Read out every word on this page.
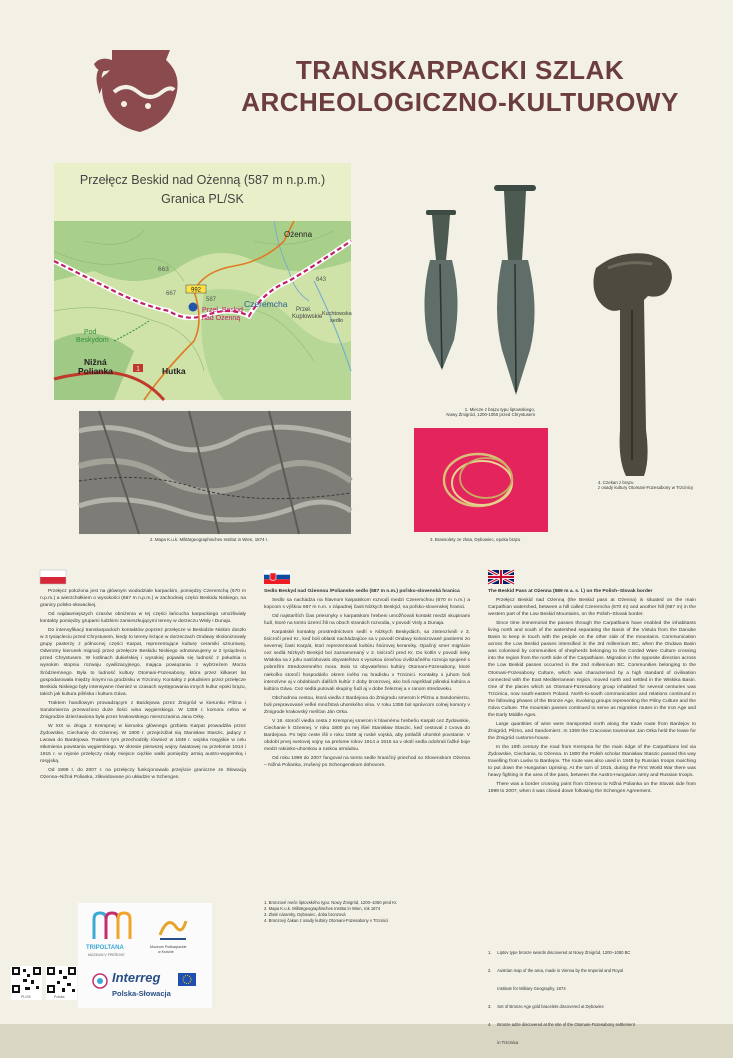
TRANSKARPACKI SZLAK
ARCHEOLOGICZNO-KULTUROWY
Przełęcz Beskid nad Ożenną (587 m n.p.m.)
Granica PL/SK
992
1
Ożenna
Czeremcha
Przeł. Beskid
nad Ożenną
Pod
Beskydom
Nižná
Polianka	Hutka
Przeł.
Kuplowskie Kuchtowska
sedło
663
643
667
587
2. Mapa K.u.k. Militärgeographisches Institut in Wien, 1874 r.
1. Miecze z brązu typu liptowskiego,
Nowy Żmigród, 1200-1050 przed Chrystusem
4. Czekan z brązu
z osady kultury Otomani-Füzesabony w Trzcinicy
3. Bransolety ze złota, Dębowiec, epoka brązu

Przełęcz położona jest na głównym wododziale karpackim, pomiędzy Czeremchą (670 m n.p.m.) a wierzchołkiem o wysokości (667 m n.p.m.) w zachodniej części Beskidu Niskiego, na granicy polsko-słowackiej.

Od najdawniejszych czasów obniżenia w tej części łańcucha karpackiego umożliwiały kontakty pomiędzy grupami ludzkimi zamieszkującymi tereny w dorzeczu Wisły i Dunaju.

Do intensyfikacji transkarpackich kontaktów poprzez przełęcze w Beskidzie Niskim doszło w 3 tysiącleciu przed Chrystusem, kiedy to tereny leżące w dorzeczach Ondawy skolonizowały grupy pasterzy z północnej części Karpat, reprezentujące kulturę ceramiki sznurowej. Odwrotny kierunek migracji przez przełęcze Beskidu Niskiego odnotowujemy w 2 tysiącleciu przed Chrystusem. W kotlinach dukielskiej i wysokiej pojawiła się ludność z południa o wysokim stopniu rozwoju cywilizacyjnego, mająca powiązania z wybrzeżem Morza Śródziemnego. Była to ludność kultury Otomani-Füzesabony, która przez kilkaset lat gospodarowała między innymi na grodzisku w Trzcinicy. Kontakty z południem przez przełęcze Beskidu Niskiego były intensywne również w czasach występowania innych kultur epoki brązu, takich jak kultura pilińska i kultura Gáva.

Traktem handlowym prowadzącym z Bardejowa przez Żmigród w kierunku Pilzna i Sandomierza przewożono duże ilości wina węgierskiego. W 1359 r. komora celna w Żmigrodzie dzierżawiona była przez krakowskiego mieszczanina Jana Orkę.

W XIX w. droga z Krempnej w kierunku głównego grzbietu Karpat prowadziła przez Żydowskie, Ciechanię do Ożennej. W 1800 r. przejeżdżał nią Stanisław Staszic, jadący z Lwowa do Bardejowa. Traktem tym przechodziły również w 1849 r. wojska rosyjskie w celu stłumienia powstania węgierskiego. W okresie pierwszej wojny światowej na przełomie 1914 i 1915 r. w rejonie przełęczy miały miejsce ciężkie walki pomiędzy armią austro-węgierską i rosyjską.

Od 1999 r. do 2007 r. na przełęczy funkcjonowało przejście graniczne ze Słowacją Ożenna–Nižná Polianka, zlikwidowane po układzie w Schengen.

Sedlo Beskyd nad Ożennou /Polianske sedlo (587 m n.m.) poľsko-slovenská hranica

Sedlo sa nachádza na hlavnom karpatskom rozvodí medzi Czeremchou (670 m n.m.) a kopcom s výškou 667 m n.m. v západnej časti Nízkych Beskýd, na poľsko-slovenskej hranici.

Od najstarších čias priesmyky v karpatskom hrebeni umožňovali kontakt medzi skupinami ľudí, ktoré na tomto území žili na oboch stranách rozvodia, v povodí Visly a Dunaja.

Karpatské kontakty prostredníctvom sedlí v Nízkych Beskydách, sa zintenzívnili v 3. tisícročí pred Kr., keď boli oblasti nachádzajúce sa v povodí Ondavy kolonizované pastiermi zo severnej časti Karpát, ktorí reprezentovali kultúru šnúrovej keramiky. Opačný smer migrácie cez sedlá Nízkych Beskýd bol zaznamenaný v 2. tisícročí pred Kr. Do kotlín v povodí rieky Wisłoka sa z juhu nasťahovalo obyvateľstvo s vysokou úrovňou civilizačného rozvoja spojené s pobrežím Stredozemného mora. Bolo to obyvateľstvo kultúry Otomani-Füzesabony, ktoré niekoľko storočí hospodárilo okrem iného na hradisku v Trzcinici. Kontakty s juhom boli intenzívne aj v obdobiach ďalších kultúr z doby bronzovej, ako boli napríklad pilinská kultúra a kultúra Gáva. Cez sedlá putovali skupiny ľudí aj v dobe železnej a v ranom stredoveku.

Obchodnou cestou, ktorá viedla z Bardejova do Żmigrodu smerom k Pilznu a Sandomierzu, boli prepravované veľké množstvá uhorského vína. V roku 1359 bol správcom colnej komory v Żmigrode krakovský mešťan Ján Orka.

V 19. storočí viedla cesta z Krempnej smerom k hlavnému hrebeňu Karpát cez Żydowskie, Ciechanie k Ożennej. V roku 1800 po nej išiel Stanisław Staszic, keď cestoval z Ľvova do Bardejova. Po tejto ceste išli v roku 1849 aj ruské vojská, aby potlačili uhorské povstanie. V období prvej svetovej vojny na prelome rokov 1914 a 1915 sa v okolí sedla odohrali ťažké boje medzi rakúsko-uhorskou a ruskou armádou.

Od roku 1999 do 2007 fungoval na tomto sedle hraničný priechod so Slovenskom Ożenna – Nižná Polianka, zrušený po Schengenskom dohovore.

1. Bronzové meče liptovského typu: Nowy Żmigród, 1200–1050 pred Kr.
2. Mapa K.u.k. Militärgeographisches Institut in Wien, rok 1874
3. Zlaté náramky, Dębowiec, doba bronzová
4. Bronzový čakan z osady kultúry Otomani-Füzesabony v Trzcinici

The Beskid Pass at Ożenna (589 m a. s. l.) on the Polish–Slovak border

Przełęcz Beskid nad Ożenną (the Beskid pass at Ożenna) is situated on the main Carpathian watershed, between a hill called Czeremcha (670 m) and another hill (667 m) in the western part of the Low Beskid Mountains, on the Polish–Slovak border.

Since time immemorial the passes through the Carpathians have enabled the inhabitants living north and south of the watershed separating the Basin of the Vistula from the Danube Basin to keep in touch with the people on the other side of the mountains. Communication across the Low Beskid passes intensified in the 3rd millennium BC, when the Ondava Basin was colonised by communities of shepherds belonging to the Corded Ware Culture crossing into the region from the north side of the Carpathians. Migration in the opposite direction across the Low Beskid passes occurred in the 2nd millennium BC. Communities belonging to the Otomani-Füzesabony Culture, which was characterised by a high standard of civilisation connected with the East Mediterranean region, moved north and settled in the Wisłoka Basin. One of the places which an Otomani-Füzesabony group inhabited for several centuries was Trzcinica, now south-eastern Poland. North-to-south communication and relations continued in the following phases of the Bronze Age, involving groups representing the Piliny Culture and the Gáva Culture. The mountain passes continued to serve as migration routes in the Iron Age and the Early Middle Ages.

Large quantities of wine were transported north along the trade route from Bardejov to Żmigród, Pilzno, and Sandomierz. In 1359 the Cracovian townsman Jan Orka held the lease for the Żmigród customs-house.

In the 19th century the road from Krempna for the main ridge of the Carpathians led via Żydowskie, Ciechania, to Ożenna. In 1800 the Polish scholar Stanisław Staszic passed this way travelling from Lwów to Bardejov. The route was also used in 1849 by Russian troops marching to put down the Hungarian Uprising. At the turn of 1915, during the First World War there was heavy fighting in the area of the pass, between the Austro-Hungarian army and Russian troops.

There was a border crossing point from Ożenna to Nižná Polianka on the Slovak side from 1999 to 2007, when it was closed down following the Schengen Agreement.

1.     Liptov type bronze swords discovered at Nowy Żmigród, 1200–1050 BC

2.     Austrian map of the area, made in Vienna by the Imperial and Royal

Institute for Military Geography, 1874

3.     Set of Bronze Age gold bracelets discovered at Dębowiec

4.     Bronze adze discovered at the site of the Otomani-Füzesabony settlement

in Trzcinica

PL/SK	Polska
TRIPOLTANA
MÚZEUM V PREŠOVE
Muzeum Podkarpackie
w Krośnie
Interreg
Polska-Słowacja
